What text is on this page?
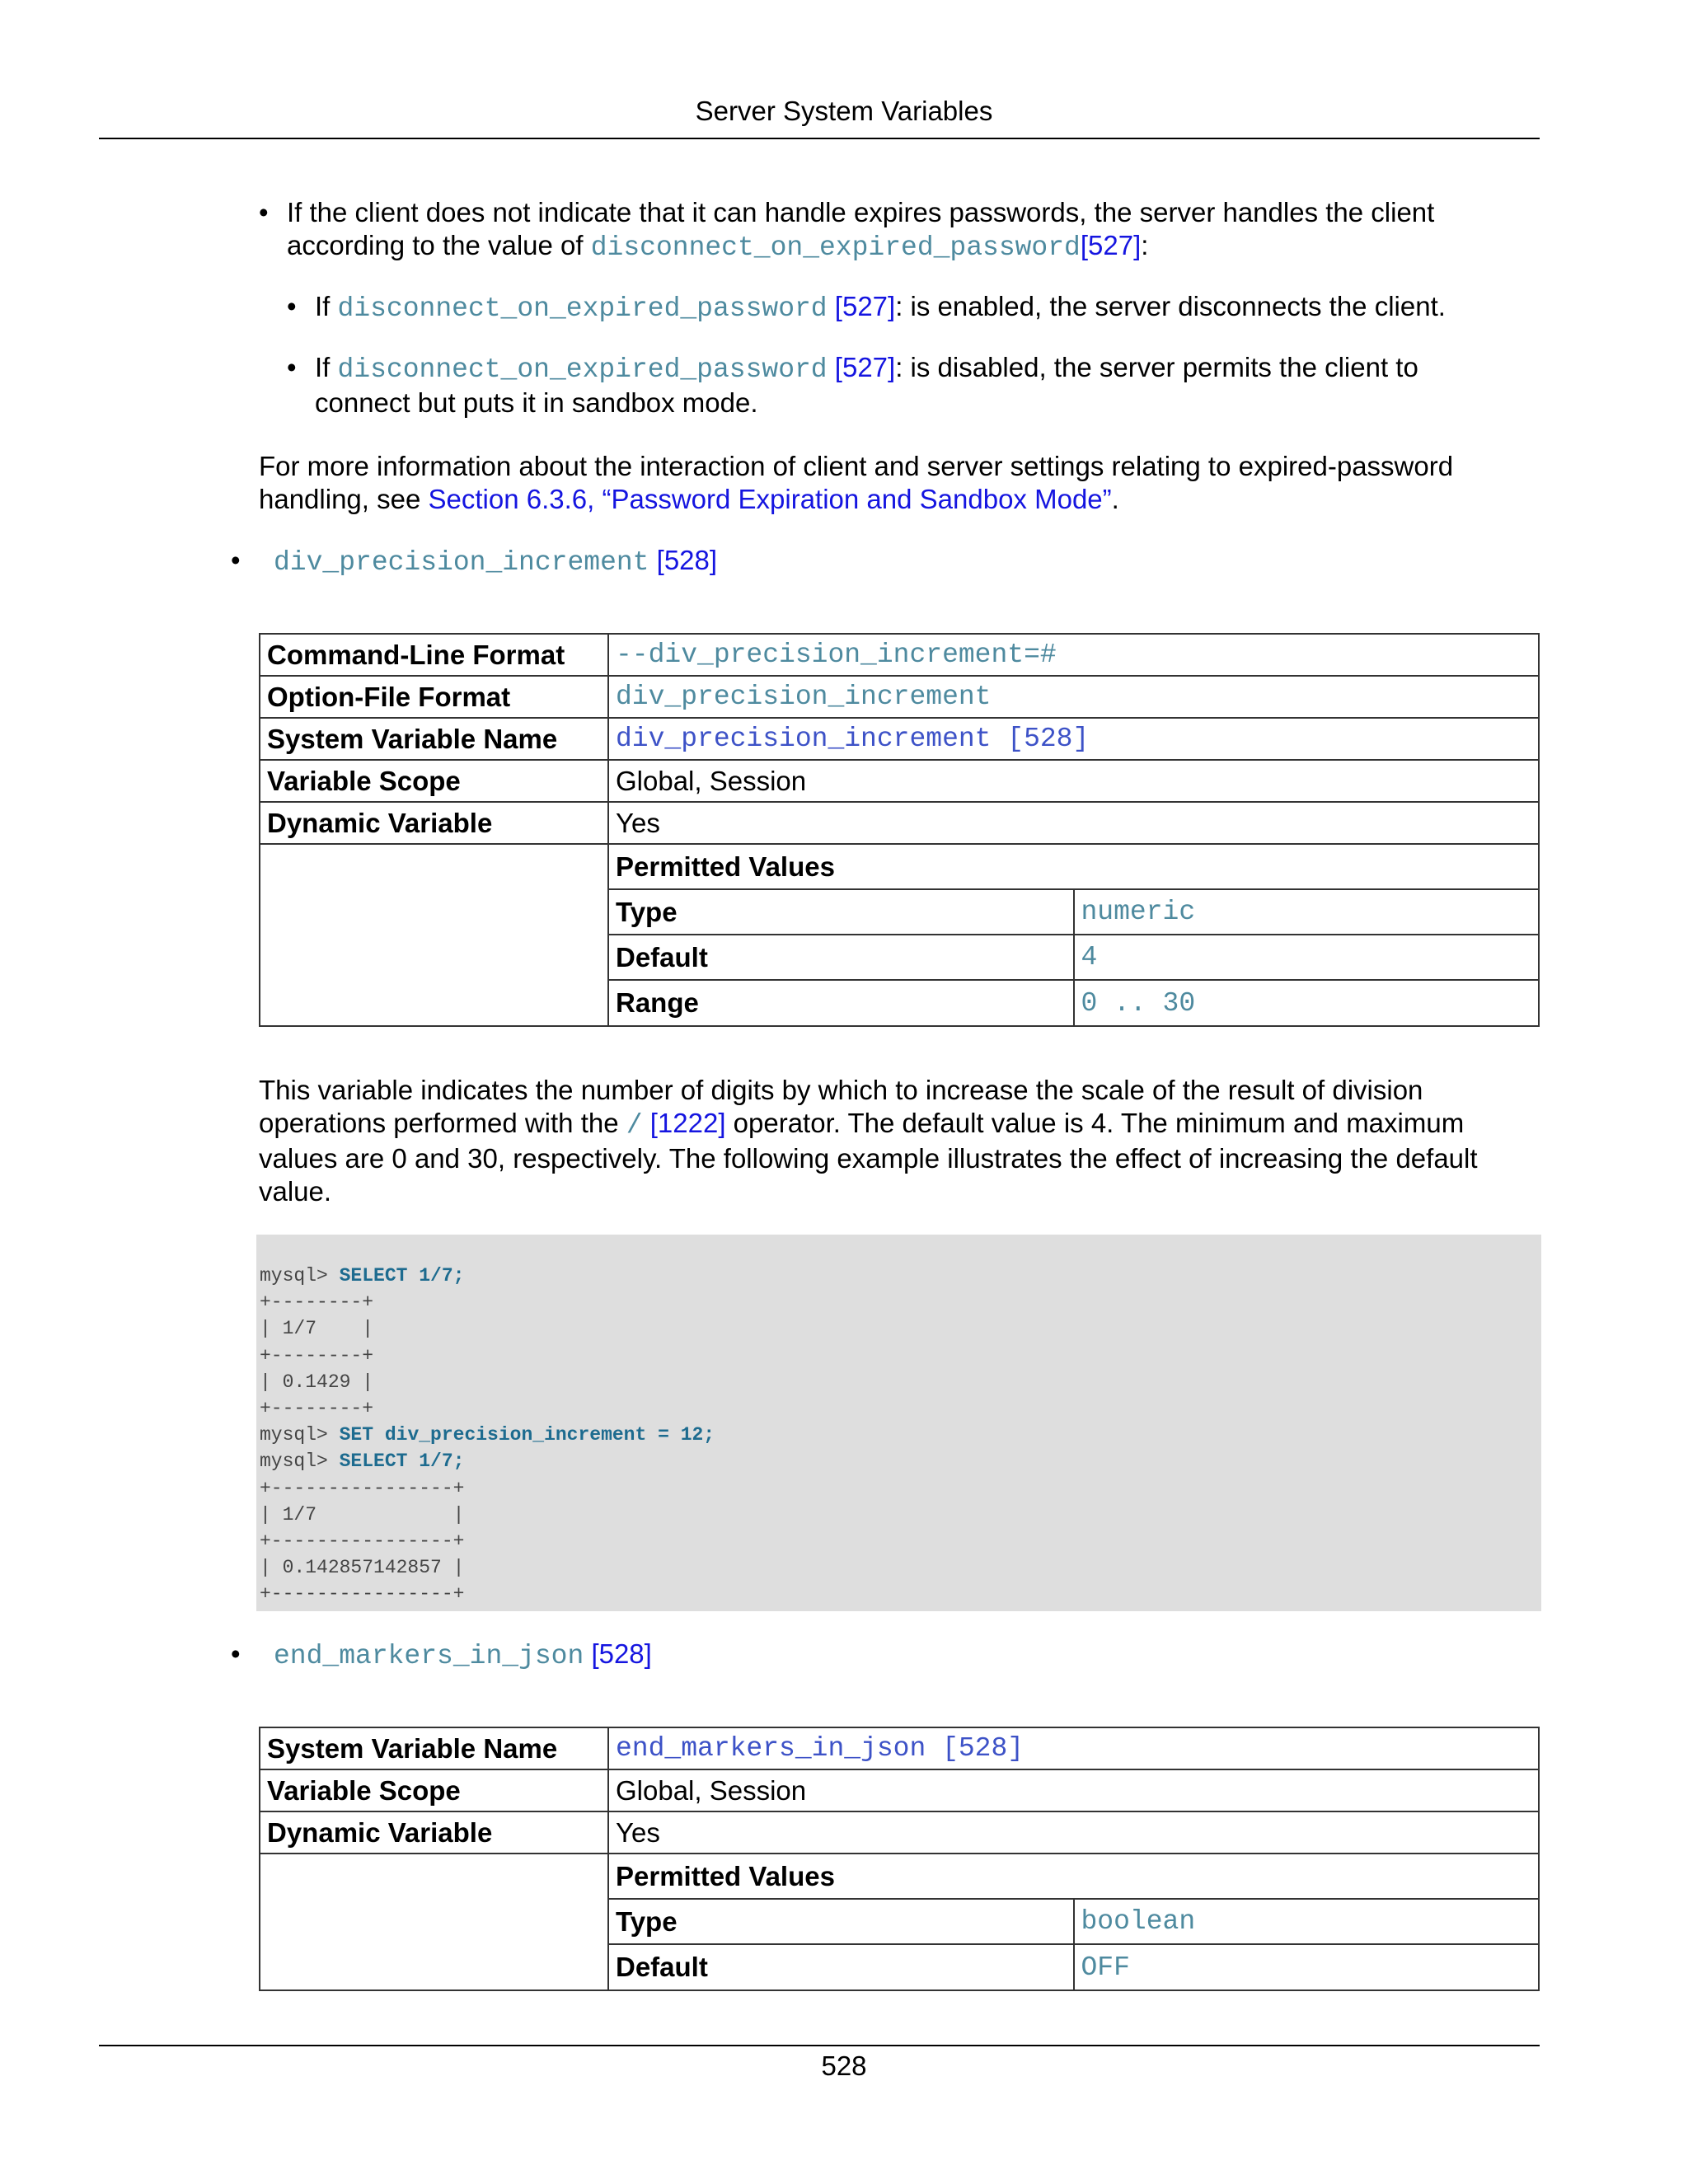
Server System Variables
• If the client does not indicate that it can handle expires passwords, the server handles the client according to the value of disconnect_on_expired_password[527]:
• If disconnect_on_expired_password [527]: is enabled, the server disconnects the client.
• If disconnect_on_expired_password [527]: is disabled, the server permits the client to connect but puts it in sandbox mode.
For more information about the interaction of client and server settings relating to expired-password handling, see Section 6.3.6, “Password Expiration and Sandbox Mode”.
• div_precision_increment [528]
Command-Line Format	--div_precision_increment=#
Option-File Format	div_precision_increment
System Variable Name	div_precision_increment [528]
Variable Scope	Global, Session
Dynamic Variable	Yes

Permitted Values
Type	numeric
Default	4
Range	0 .. 30
This variable indicates the number of digits by which to increase the scale of the result of division operations performed with the / [1222] operator. The default value is 4. The minimum and maximum values are 0 and 30, respectively. The following example illustrates the effect of increasing the default value.
mysql> SELECT 1/7;
+--------+
| 1/7    |
+--------+
| 0.1429 |
+--------+
mysql> SET div_precision_increment = 12;
mysql> SELECT 1/7;
+----------------+
| 1/7            |
+----------------+
| 0.142857142857 |
+----------------+
• end_markers_in_json [528]
System Variable Name	end_markers_in_json [528]
Variable Scope	Global, Session
Dynamic Variable	Yes

Permitted Values
Type	boolean
Default	OFF
528
